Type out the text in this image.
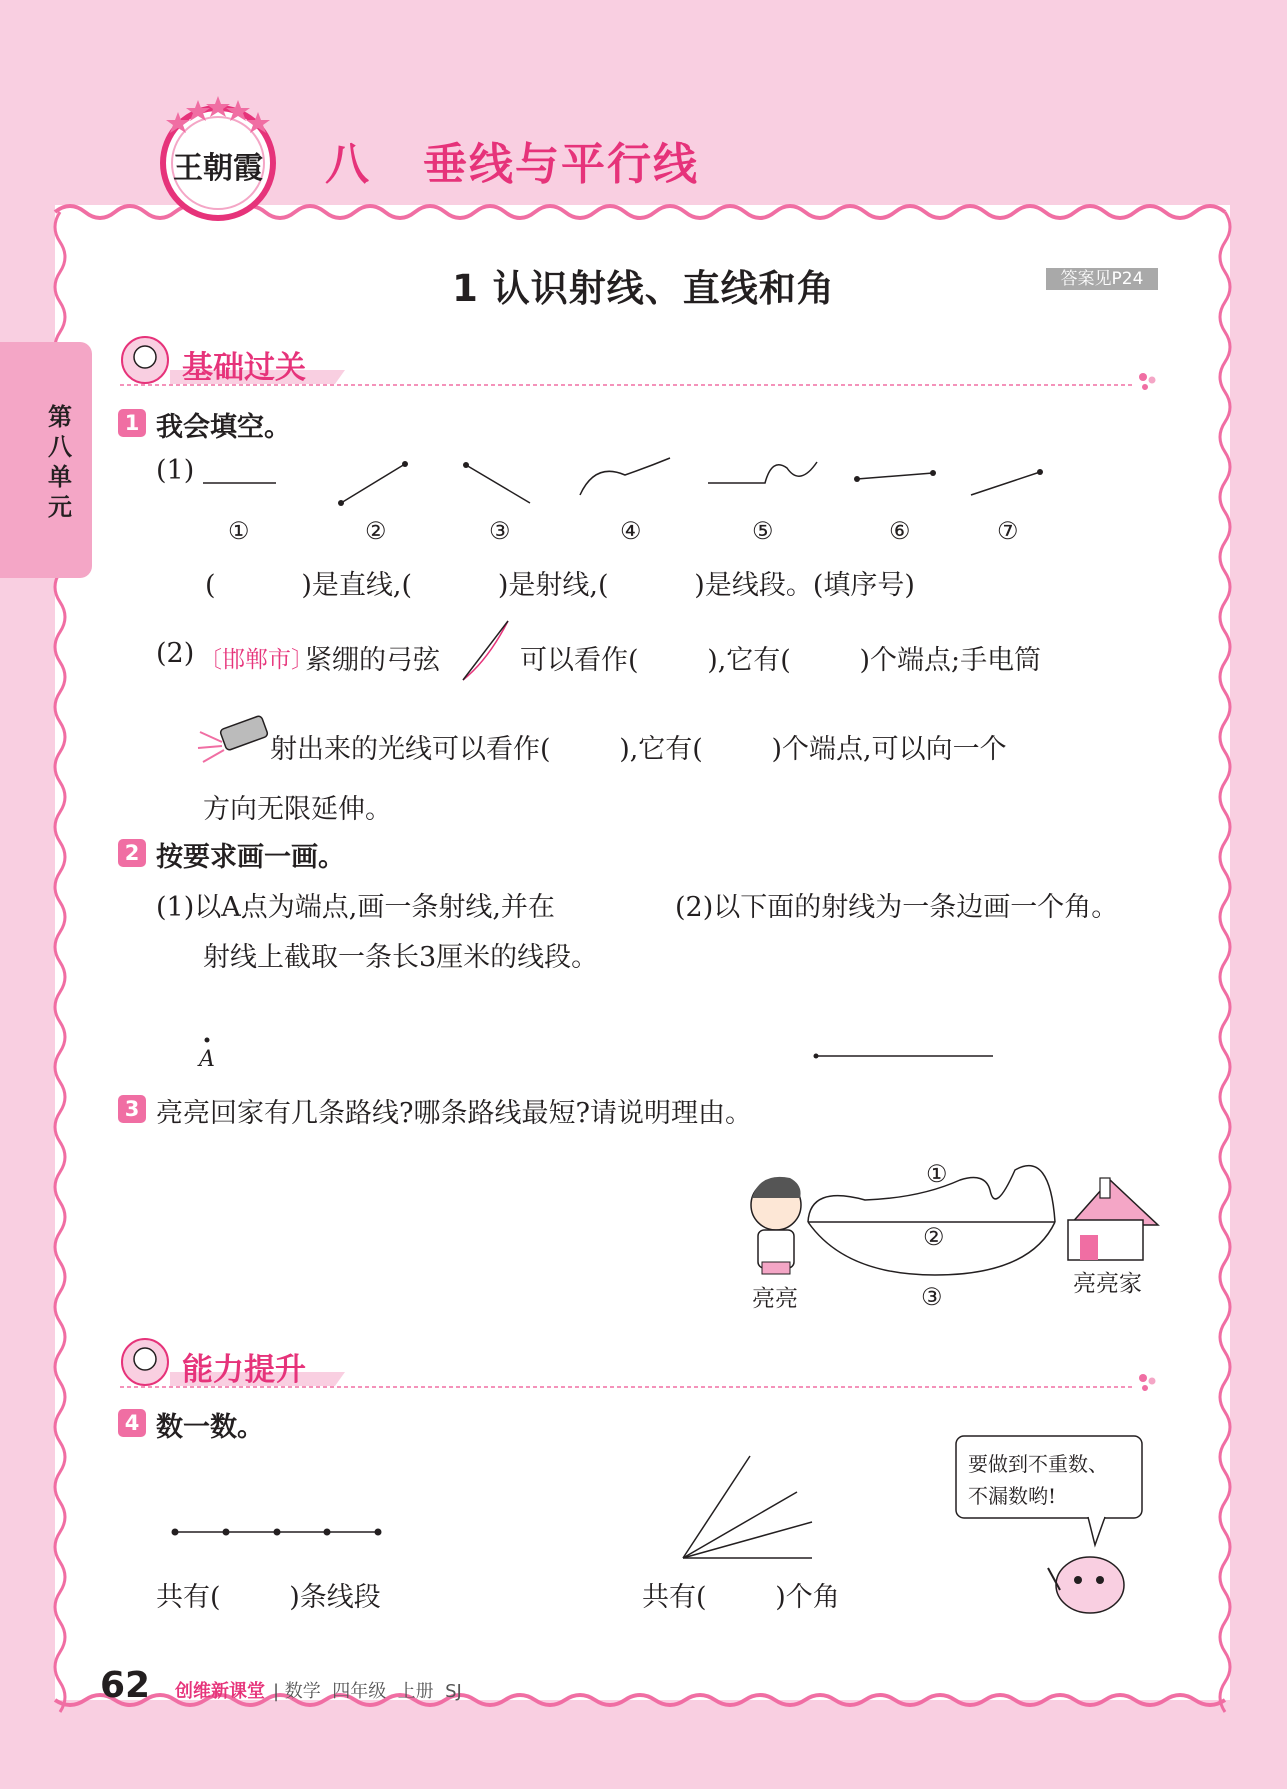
王朝霞 八   垂线与平行线
第八单元
1 认识射线、直线和角	答案见P24
基础过关
1 我会填空。
(1)
①	②	③	④	⑤	⑥	⑦
(          )是直线,(          )是射线,(          )是线段。(填序号)
(2) 〔邯郸市〕
紧绷的弓弦	可以看作(        ),它有(        )个端点;手电筒
射出来的光线可以看作(        ),它有(        )个端点,可以向一个
方向无限延伸。
2 按要求画一画。
(1)以A点为端点,画一条射线,并在
射线上截取一条长3厘米的线段。
(2)以下面的射线为一条边画一个角。
A
3 亮亮回家有几条路线?哪条路线最短?请说明理由。
①
②
③
亮亮
亮亮家
能力提升
4 数一数。
共有(        )条线段	共有(        )个角
要做到不重数、
不漏数哟!
62 创维新课堂 | 数学  四年级  上册  SJ
